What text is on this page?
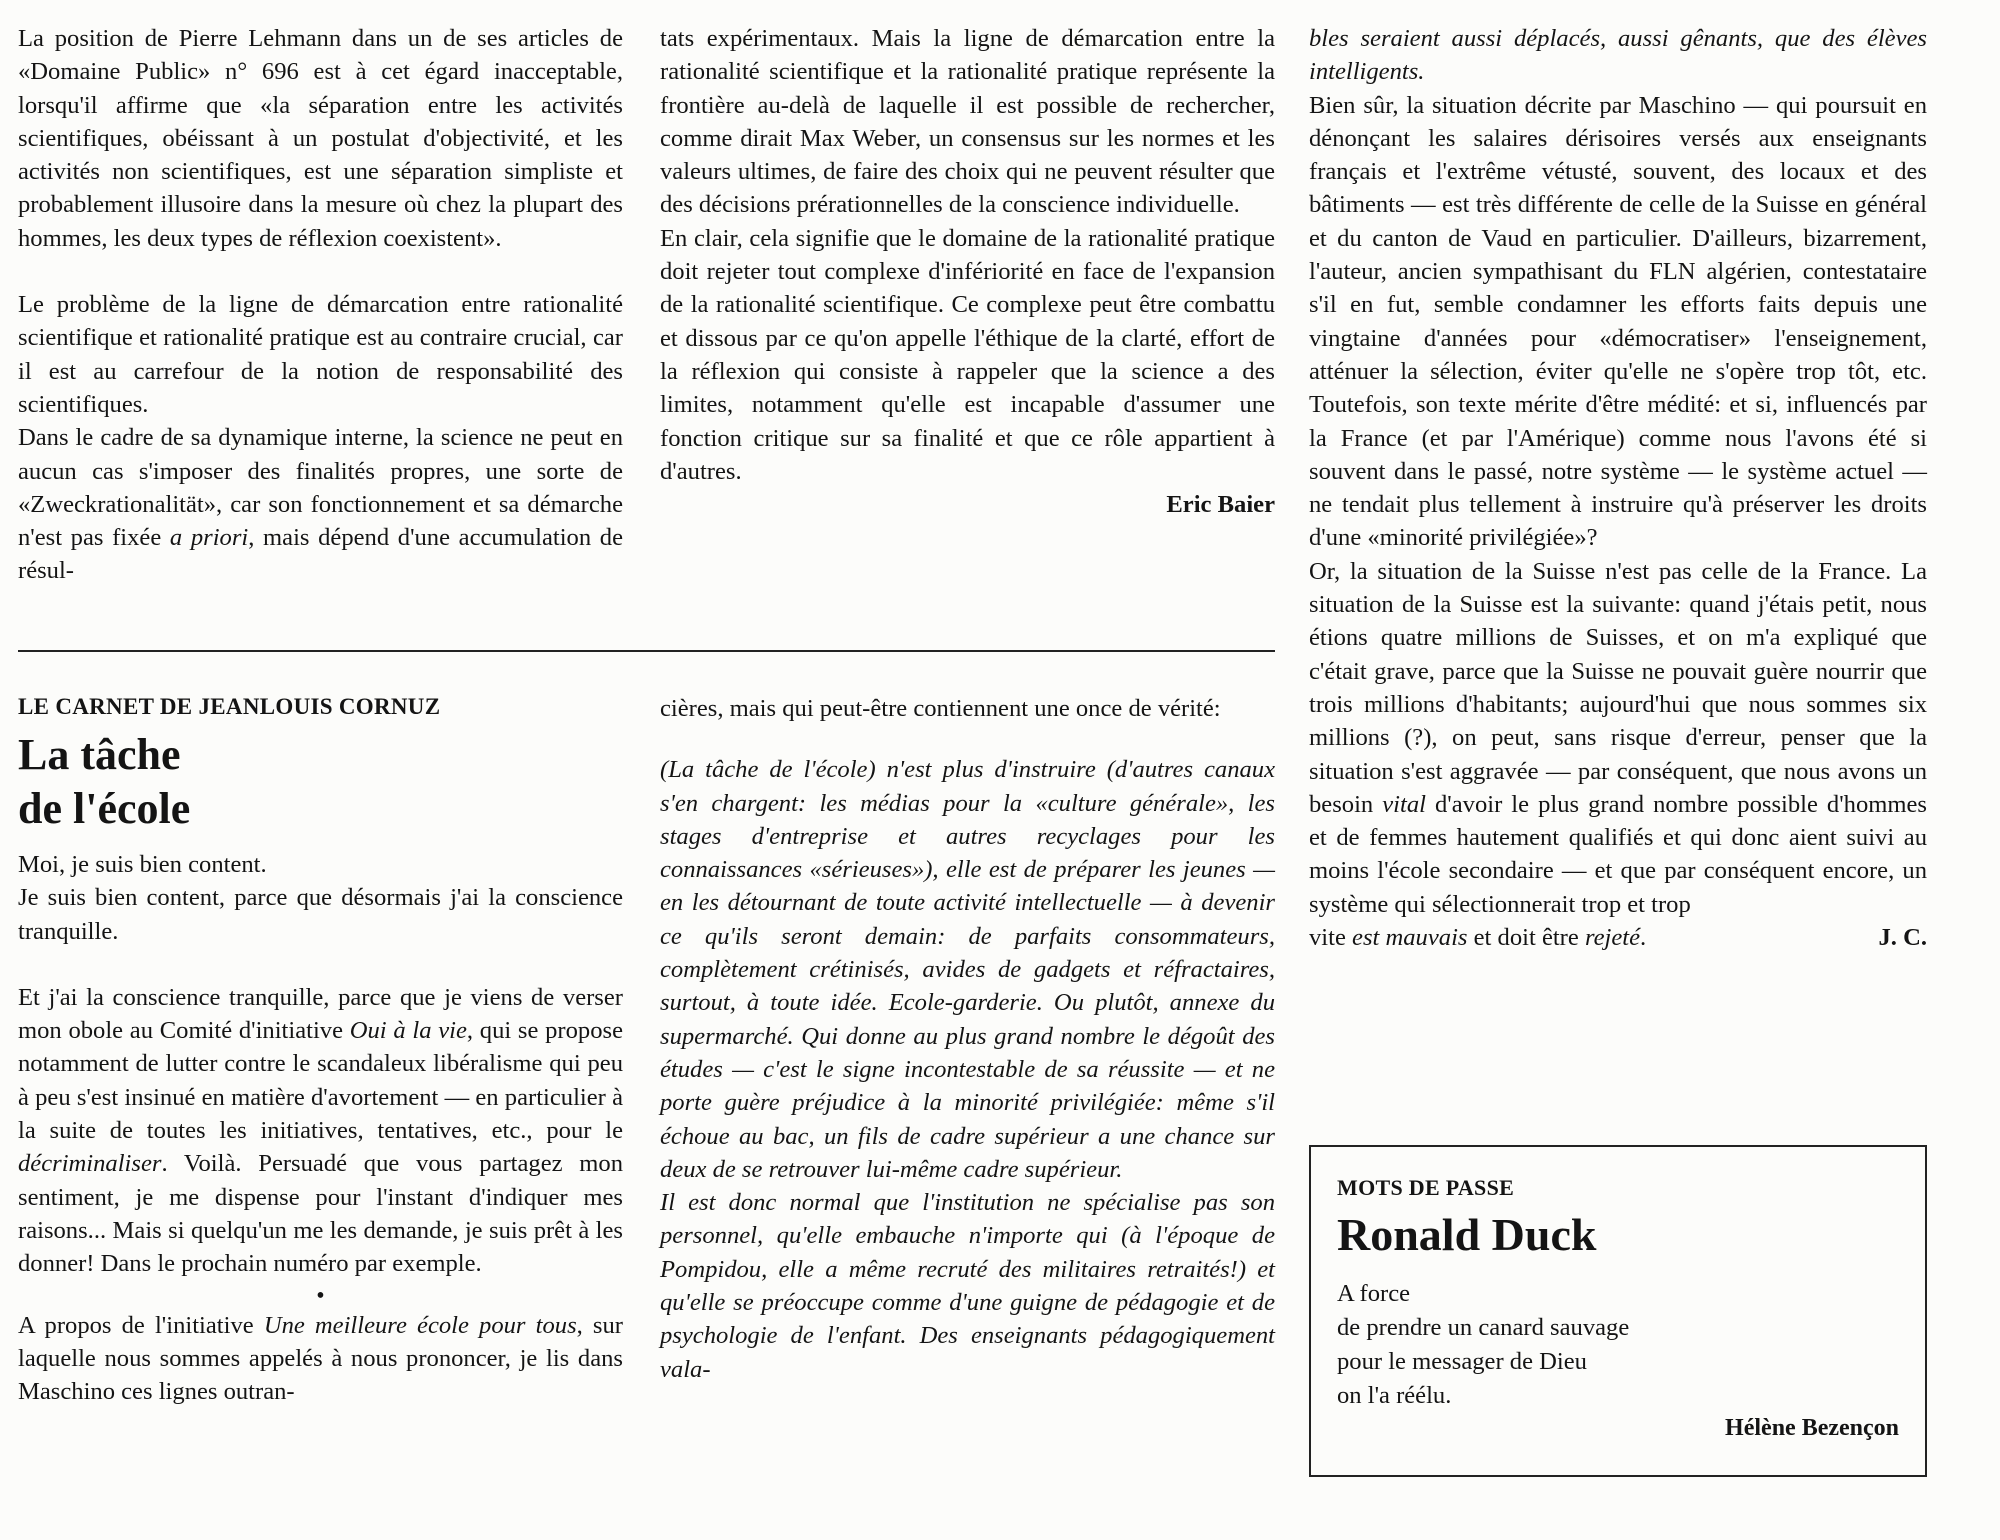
La position de Pierre Lehmann dans un de ses articles de «Domaine Public» n° 696 est à cet égard inacceptable, lorsqu'il affirme que «la séparation entre les activités scientifiques, obéissant à un postulat d'objectivité, et les activités non scientifiques, est une séparation simpliste et probablement illusoire dans la mesure où chez la plupart des hommes, les deux types de réflexion coexistent».

Le problème de la ligne de démarcation entre rationalité scientifique et rationalité pratique est au contraire crucial, car il est au carrefour de la notion de responsabilité des scientifiques.

Dans le cadre de sa dynamique interne, la science ne peut en aucun cas s'imposer des finalités propres, une sorte de «Zweckrationalität», car son fonctionnement et sa démarche n'est pas fixée a priori, mais dépend d'une accumulation de résul-

tats expérimentaux. Mais la ligne de démarcation entre la rationalité scientifique et la rationalité pratique représente la frontière au-delà de laquelle il est possible de rechercher, comme dirait Max Weber, un consensus sur les normes et les valeurs ultimes, de faire des choix qui ne peuvent résulter que des décisions prérationnelles de la conscience individuelle.

En clair, cela signifie que le domaine de la rationalité pratique doit rejeter tout complexe d'infériorité en face de l'expansion de la rationalité scientifique. Ce complexe peut être combattu et dissous par ce qu'on appelle l'éthique de la clarté, effort de la réflexion qui consiste à rappeler que la science a des limites, notamment qu'elle est incapable d'assumer une fonction critique sur sa finalité et que ce rôle appartient à d'autres.

Eric Baier

LE CARNET DE JEANLOUIS CORNUZ
La tâche
de l'école

Moi, je suis bien content.

Je suis bien content, parce que désormais j'ai la conscience tranquille.

Et j'ai la conscience tranquille, parce que je viens de verser mon obole au Comité d'initiative Oui à la vie, qui se propose notamment de lutter contre le scandaleux libéralisme qui peu à peu s'est insinué en matière d'avortement — en particulier à la suite de toutes les initiatives, tentatives, etc., pour le décriminaliser. Voilà. Persuadé que vous partagez mon sentiment, je me dispense pour l'instant d'indiquer mes raisons... Mais si quelqu'un me les demande, je suis prêt à les donner! Dans le prochain numéro par exemple.

•

A propos de l'initiative Une meilleure école pour tous, sur laquelle nous sommes appelés à nous prononcer, je lis dans Maschino ces lignes outran-

cières, mais qui peut-être contiennent une once de vérité:

(La tâche de l'école) n'est plus d'instruire (d'autres canaux s'en chargent: les médias pour la «culture générale», les stages d'entreprise et autres recyclages pour les connaissances «sérieuses»), elle est de préparer les jeunes — en les détournant de toute activité intellectuelle — à devenir ce qu'ils seront demain: de parfaits consommateurs, complètement crétinisés, avides de gadgets et réfractaires, surtout, à toute idée. Ecole-garderie. Ou plutôt, annexe du supermarché. Qui donne au plus grand nombre le dégoût des études — c'est le signe incontestable de sa réussite — et ne porte guère préjudice à la minorité privilégiée: même s'il échoue au bac, un fils de cadre supérieur a une chance sur deux de se retrouver lui-même cadre supérieur.

Il est donc normal que l'institution ne spécialise pas son personnel, qu'elle embauche n'importe qui (à l'époque de Pompidou, elle a même recruté des militaires retraités!) et qu'elle se préoccupe comme d'une guigne de pédagogie et de psychologie de l'enfant. Des enseignants pédagogiquement vala-

bles seraient aussi déplacés, aussi gênants, que des élèves intelligents.

Bien sûr, la situation décrite par Maschino — qui poursuit en dénonçant les salaires dérisoires versés aux enseignants français et l'extrême vétusté, souvent, des locaux et des bâtiments — est très différente de celle de la Suisse en général et du canton de Vaud en particulier. D'ailleurs, bizarrement, l'auteur, ancien sympathisant du FLN algérien, contestataire s'il en fut, semble condamner les efforts faits depuis une vingtaine d'années pour «démocratiser» l'enseignement, atténuer la sélection, éviter qu'elle ne s'opère trop tôt, etc. Toutefois, son texte mérite d'être médité: et si, influencés par la France (et par l'Amérique) comme nous l'avons été si souvent dans le passé, notre système — le système actuel — ne tendait plus tellement à instruire qu'à préserver les droits d'une «minorité privilégiée»?

Or, la situation de la Suisse n'est pas celle de la France. La situation de la Suisse est la suivante: quand j'étais petit, nous étions quatre millions de Suisses, et on m'a expliqué que c'était grave, parce que la Suisse ne pouvait guère nourrir que trois millions d'habitants; aujourd'hui que nous sommes six millions (?), on peut, sans risque d'erreur, penser que la situation s'est aggravée — par conséquent, que nous avons un besoin vital d'avoir le plus grand nombre possible d'hommes et de femmes hautement qualifiés et qui donc aient suivi au moins l'école secondaire — et que par conséquent encore, un système qui sélectionnerait trop et trop

vite est mauvais et doit être rejeté.	J. C.
MOTS DE PASSE
Ronald Duck
A force
de prendre un canard sauvage
pour le messager de Dieu
on l'a réélu.
Hélène Bezençon
